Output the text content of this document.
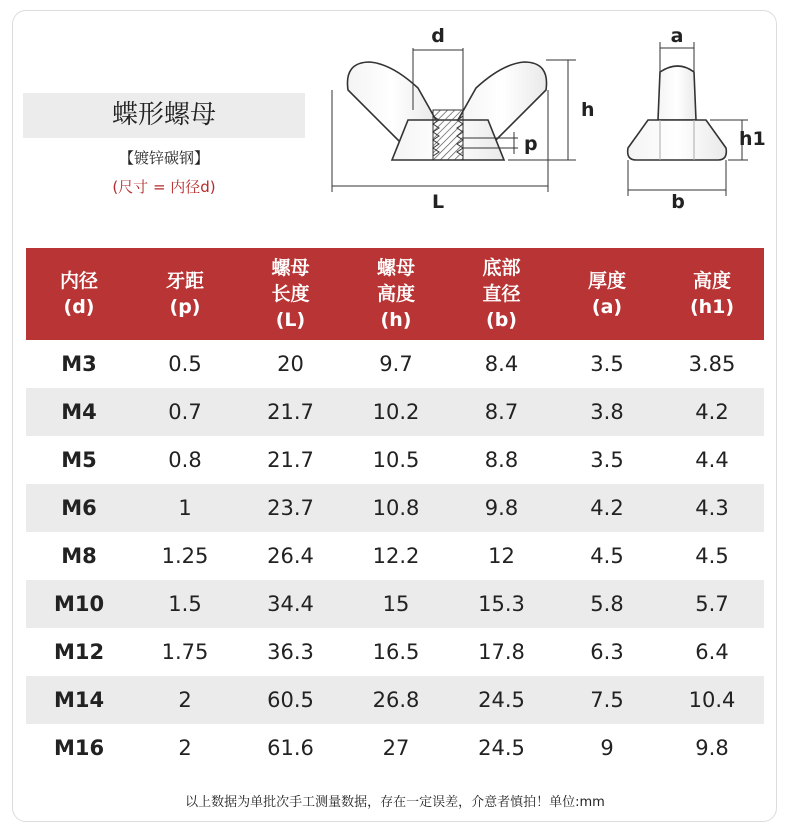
蝶形螺母
【镀锌碳钢】
(尺寸 = 内径d)
d
h
p
L
a
h1
b
内径
(d)	牙距
(p)	螺母
长度
(L)	螺母
高度
(h)	底部
直径
(b)	厚度
(a)	高度
(h1)

M3	0.5	20	9.7	8.4	3.5	3.85
M4	0.7	21.7	10.2	8.7	3.8	4.2
M5	0.8	21.7	10.5	8.8	3.5	4.4
M6	1	23.7	10.8	9.8	4.2	4.3
M8	1.25	26.4	12.2	12	4.5	4.5
M10	1.5	34.4	15	15.3	5.8	5.7
M12	1.75	36.3	16.5	17.8	6.3	6.4
M14	2	60.5	26.8	24.5	7.5	10.4
M16	2	61.6	27	24.5	9	9.8
以上数据为单批次手工测量数据，存在一定误差，介意者慎拍！单位:mm
